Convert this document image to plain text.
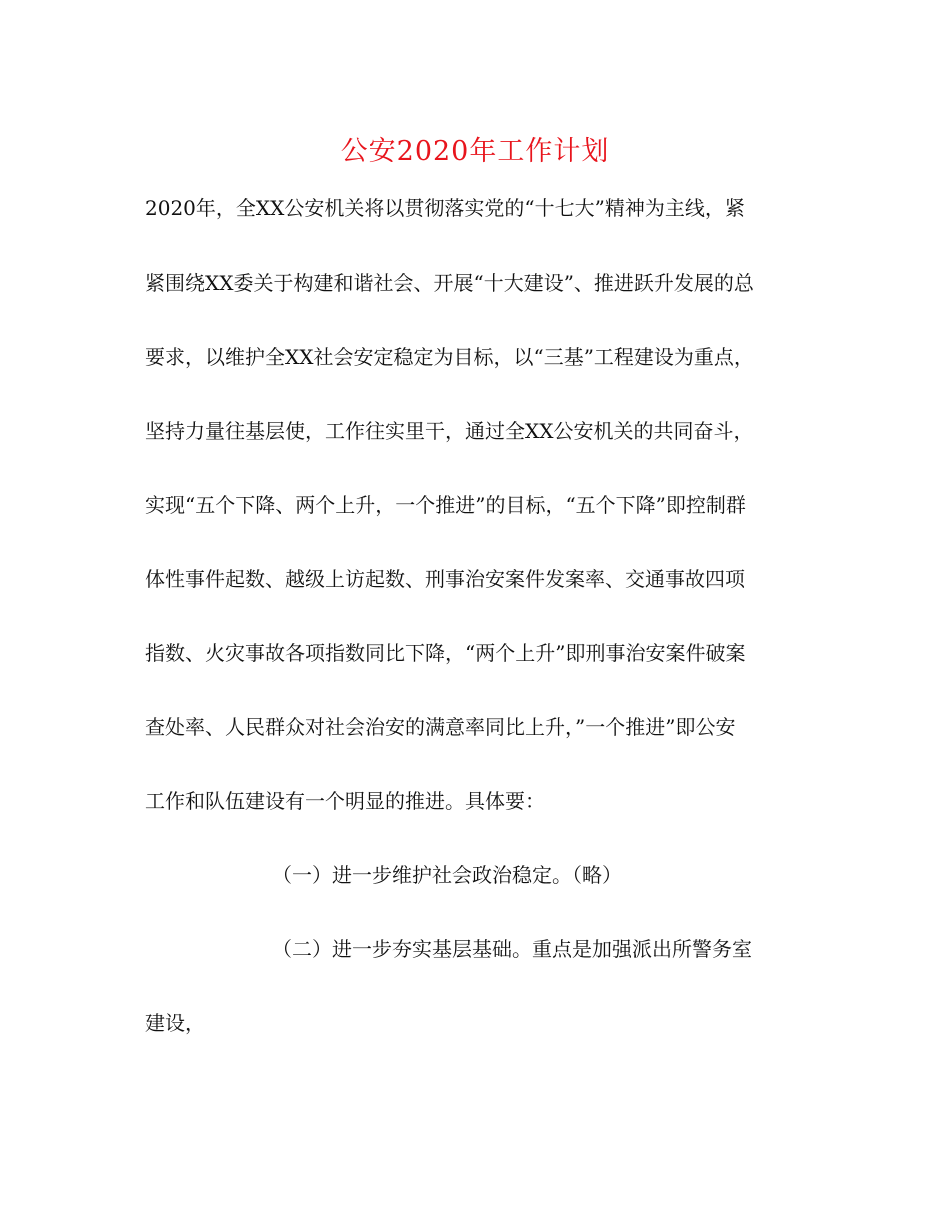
公安2020年工作计划
2020年，全XX公安机关将以贯彻落实党的“十七大”精神为主线，紧
紧围绕XX委关于构建和谐社会、开展“十大建设”、推进跃升发展的总
要求，以维护全XX社会安定稳定为目标，以“三基”工程建设为重点，
坚持力量往基层使，工作往实里干，通过全XX公安机关的共同奋斗，
实现“五个下降、两个上升，一个推进”的目标，“五个下降”即控制群
体性事件起数、越级上访起数、刑事治安案件发案率、交通事故四项
指数、火灾事故各项指数同比下降，“两个上升”即刑事治安案件破案
查处率、人民群众对社会治安的满意率同比上升，”一个推进”即公安
工作和队伍建设有一个明显的推进。具体要：
（一）进一步维护社会政治稳定。（略）
（二）进一步夯实基层基础。重点是加强派出所警务室
建设，
